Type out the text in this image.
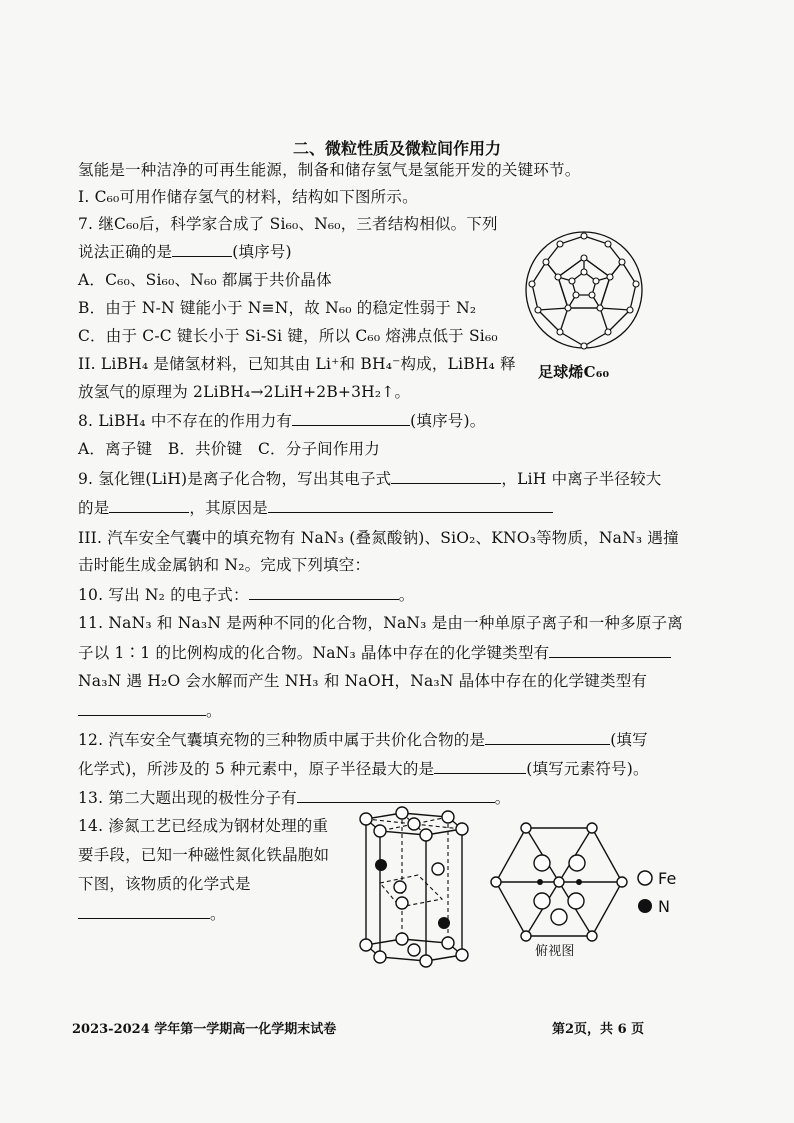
二、微粒性质及微粒间作用力
氢能是一种洁净的可再生能源，制备和储存氢气是氢能开发的关键环节。
I. C₆₀可用作储存氢气的材料，结构如下图所示。
7. 继C₆₀后，科学家合成了 Si₆₀、N₆₀，三者结构相似。下列
说法正确的是	(填序号)
A．C₆₀、Si₆₀、N₆₀ 都属于共价晶体
B．由于 N-N 键能小于 N≡N，故 N₆₀ 的稳定性弱于 N₂
C．由于 C-C 键长小于 Si-Si 键，所以 C₆₀ 熔沸点低于 Si₆₀
II. LiBH₄ 是储氢材料，已知其由 Li⁺和 BH₄⁻构成，LiBH₄ 释
放氢气的原理为 2LiBH₄→2LiH+2B+3H₂↑。
足球烯C₆₀
8. LiBH₄ 中不存在的作用力有	(填序号)。
A．离子键　B．共价键　C．分子间作用力
9. 氢化锂(LiH)是离子化合物，写出其电子式	，LiH 中离子半径较大
的是	，其原因是
III. 汽车安全气囊中的填充物有 NaN₃ (叠氮酸钠)、SiO₂、KNO₃等物质，NaN₃ 遇撞
击时能生成金属钠和 N₂。完成下列填空：
10. 写出 N₂ 的电子式：	。
11. NaN₃ 和 Na₃N 是两种不同的化合物，NaN₃ 是由一种单原子离子和一种多原子离
子以 1∶1 的比例构成的化合物。NaN₃ 晶体中存在的化学键类型有
Na₃N 遇 H₂O 会水解而产生 NH₃ 和 NaOH，Na₃N 晶体中存在的化学键类型有
。
12. 汽车安全气囊填充物的三种物质中属于共价化合物的是	(填写
化学式)，所涉及的 5 种元素中，原子半径最大的是	(填写元素符号)。
13. 第二大题出现的极性分子有	。
14. 渗氮工艺已经成为钢材处理的重
要手段，已知一种磁性氮化铁晶胞如
下图，该物质的化学式是
。
俯视图
Fe
N
2023-2024 学年第一学期高一化学期末试卷	第2页，共 6 页
